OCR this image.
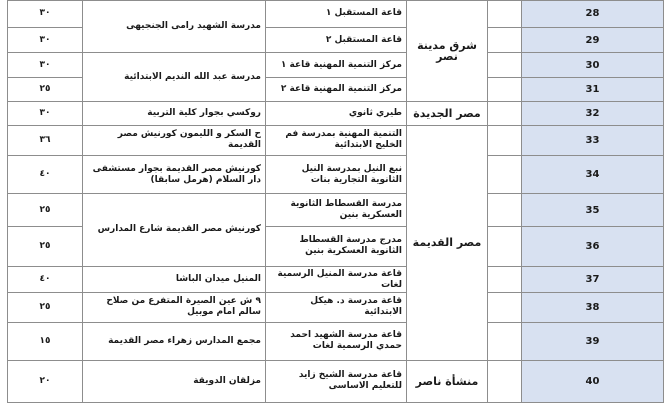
٣٠	مدرسة الشهيد رامى الجنجيهى	قاعة المستقبل ١	شرق مدينة نصر		28
٣٠		قاعة المستقبل ٢			29
٣٠	مدرسة عبد الله النديم الابتدائية	مركز التنمية المهنية قاعة ١			30
٢٥		مركز التنمية المهنية قاعة ٢			31
٣٠	روكسي بجوار كلية التربية	طيري ثانوي	مصر الجديدة		32
٣٦	ح السكر و الليمون كورنيش مصر القديمة	التنمية المهنية بمدرسة فم الخليج الابتدائية	مصر القديمة		33
٤٠	كورنيش مصر القديمة بجوار مستشفى دار السلام (هرمل سابقا)	نبع النيل بمدرسة النيل الثانوية التجارية بنات			34
٢٥	كورنيش مصر القديمة شارع المدارس	مدرسة القسطاط الثانوية العسكرية بنين			35
٢٥		مدرج مدرسة القسطاط الثانوية العسكرية بنين			36
٤٠	المنيل ميدان الباشا	قاعة مدرسة المنيل الرسمية لغات			37
٢٥	٩ ش عين الصيرة المتفرع من صلاح سالم امام موبيل	قاعة مدرسة د. هيكل الابتدائية			38
١٥	مجمع المدارس زهراء مصر القديمة	قاعة مدرسة الشهيد احمد حمدي الرسمية لغات			39
٢٠	مزلقان الدويقة	قاعة مدرسة الشيخ زايد للتعليم الاساسى	منشأة ناصر		40
